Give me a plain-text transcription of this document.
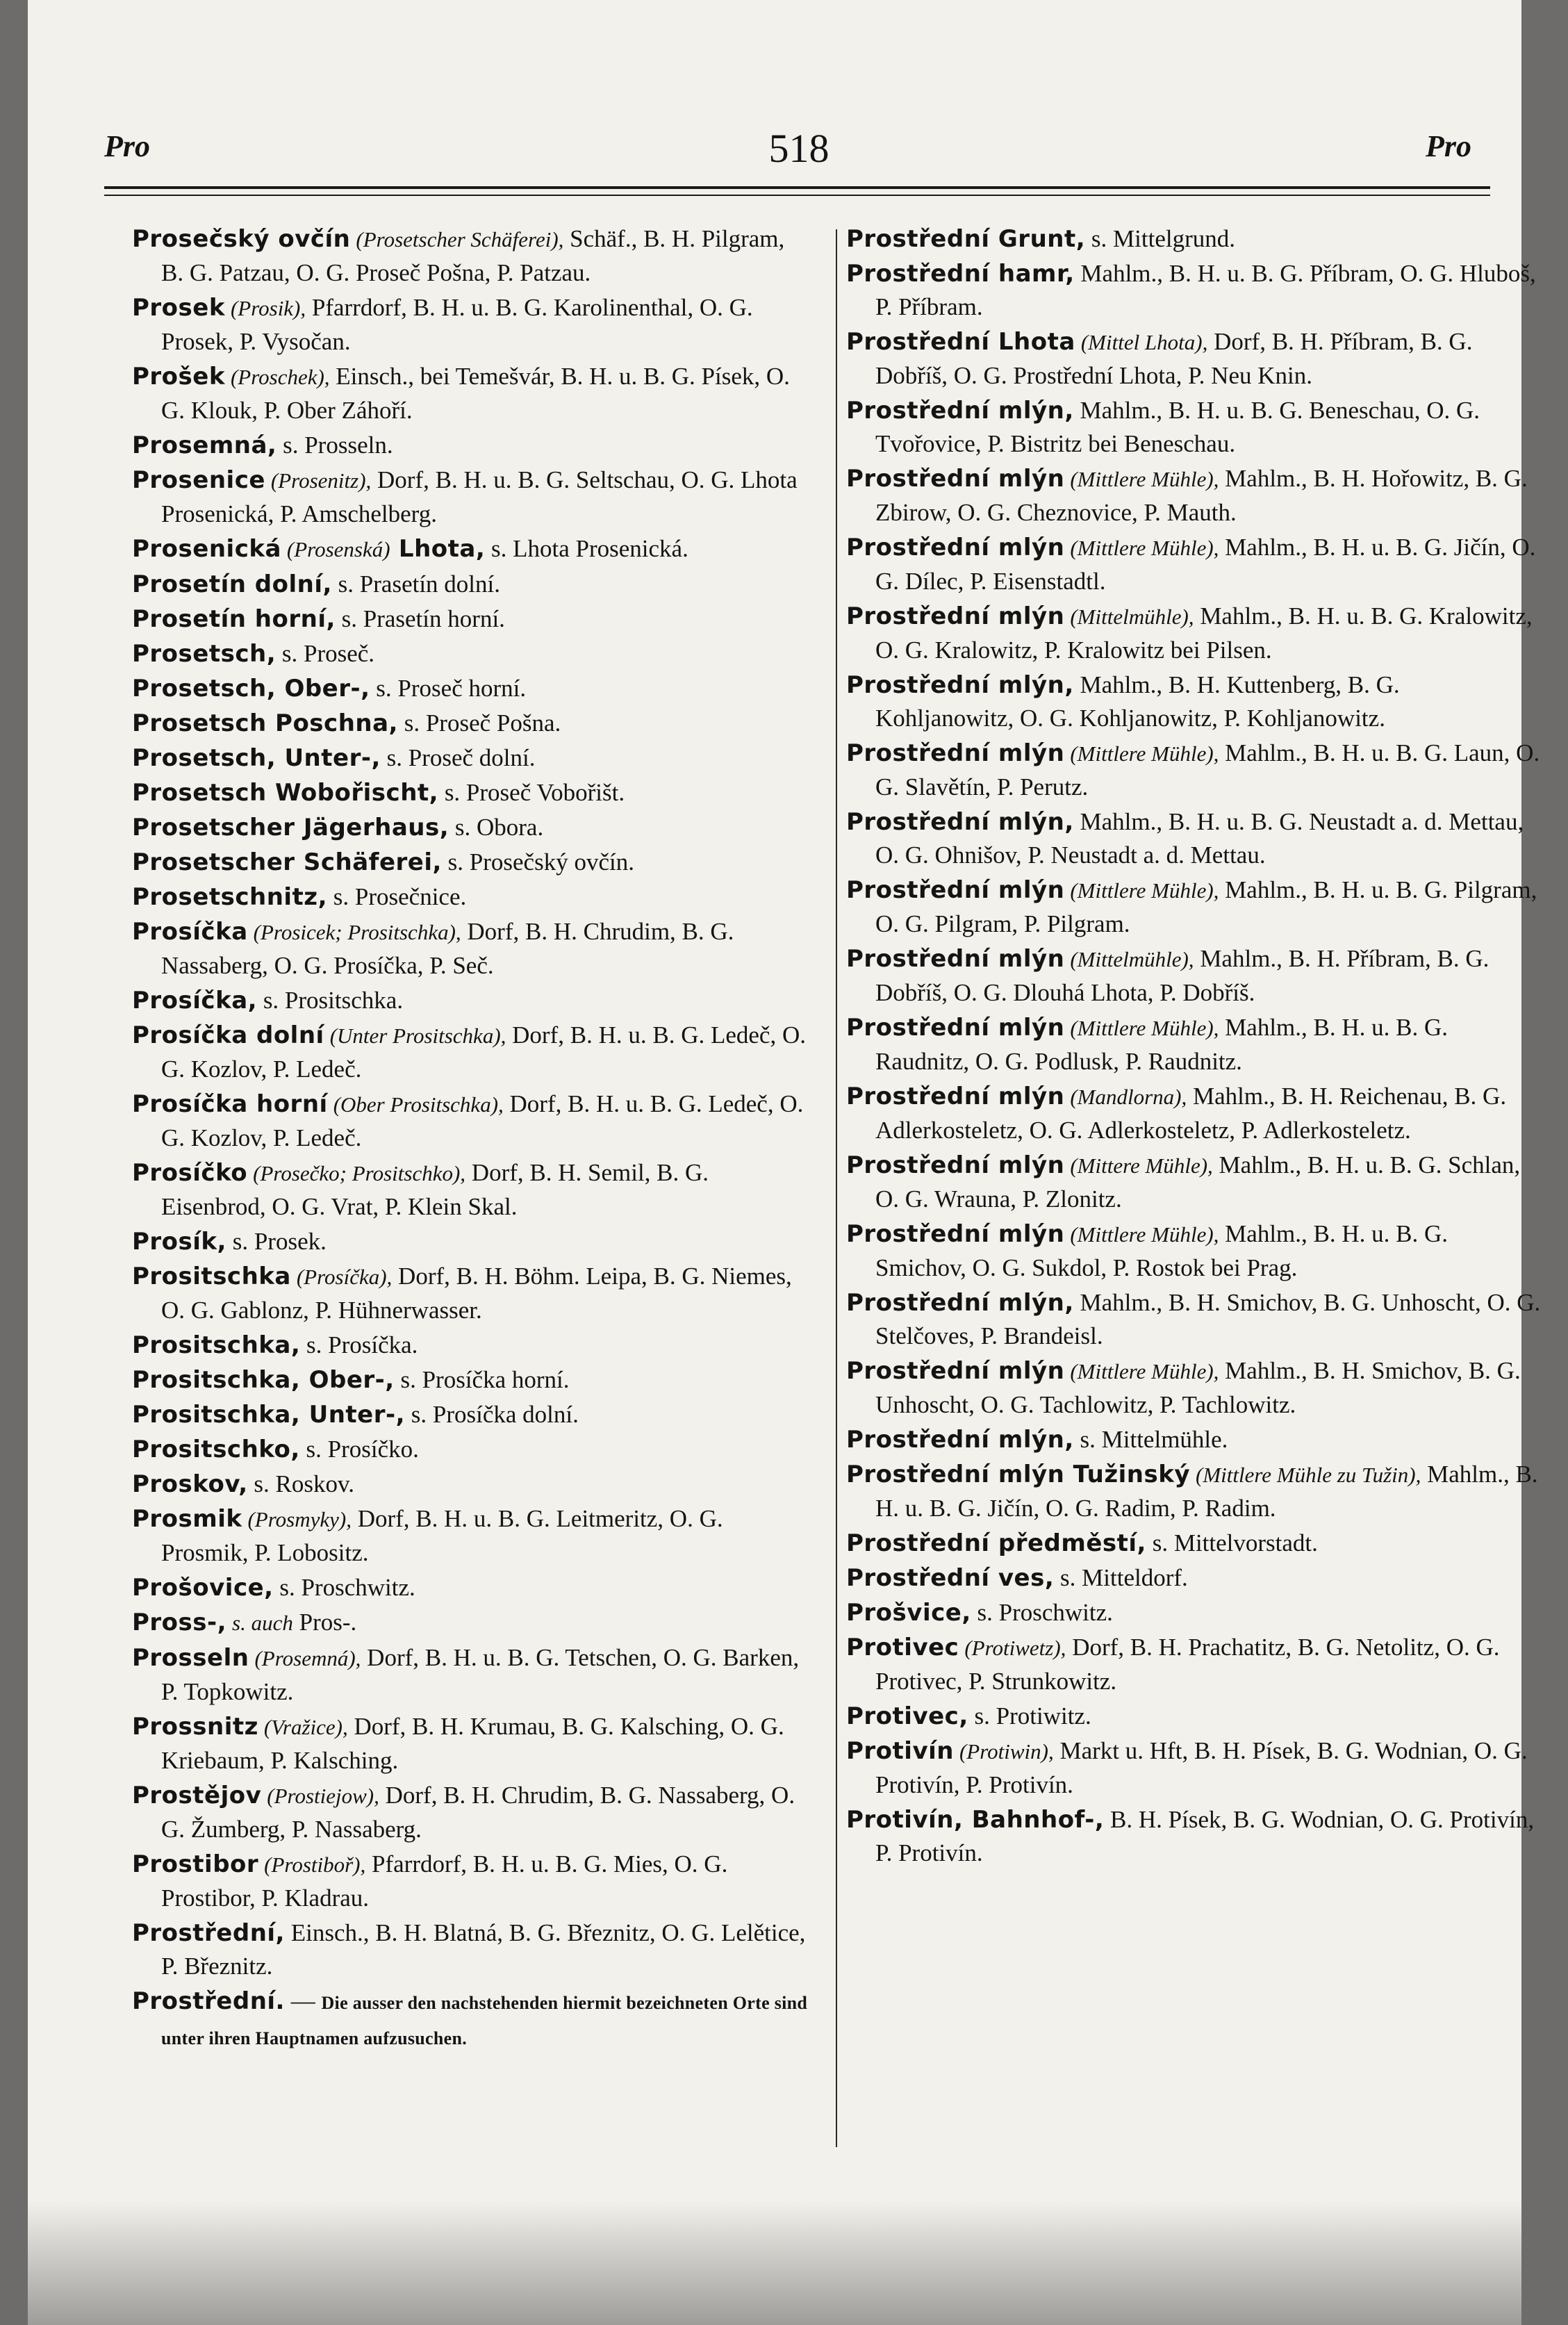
Pro	518	Pro

Prosečský ovčín (Prosetscher Schäferei), Schäf., B. H. Pilgram, B. G. Patzau, O. G. Proseč Pošna, P. Patzau.

Prosek (Prosik), Pfarrdorf, B. H. u. B. G. Karolinenthal, O. G. Prosek, P. Vysočan.

Prošek (Proschek), Einsch., bei Temešvár, B. H. u. B. G. Písek, O. G. Klouk, P. Ober Záhoří.

Prosemná, s. Prosseln.

Prosenice (Prosenitz), Dorf, B. H. u. B. G. Seltschau, O. G. Lhota Prosenická, P. Amschelberg.

Prosenická (Prosenská) Lhota, s. Lhota Prosenická.

Prosetín dolní, s. Prasetín dolní.

Prosetín horní, s. Prasetín horní.

Prosetsch, s. Proseč.

Prosetsch, Ober-, s. Proseč horní.

Prosetsch Poschna, s. Proseč Pošna.

Prosetsch, Unter-, s. Proseč dolní.

Prosetsch Wobořischt, s. Proseč Vobořišt.

Prosetscher Jägerhaus, s. Obora.

Prosetscher Schäferei, s. Prosečský ovčín.

Prosetschnitz, s. Prosečnice.

Prosíčka (Prosicek; Prositschka), Dorf, B. H. Chrudim, B. G. Nassaberg, O. G. Prosíčka, P. Seč.

Prosíčka, s. Prositschka.

Prosíčka dolní (Unter Prositschka), Dorf, B. H. u. B. G. Ledeč, O. G. Kozlov, P. Ledeč.

Prosíčka horní (Ober Prositschka), Dorf, B. H. u. B. G. Ledeč, O. G. Kozlov, P. Ledeč.

Prosíčko (Prosečko; Prositschko), Dorf, B. H. Semil, B. G. Eisenbrod, O. G. Vrat, P. Klein Skal.

Prosík, s. Prosek.

Prositschka (Prosíčka), Dorf, B. H. Böhm. Leipa, B. G. Niemes, O. G. Gablonz, P. Hühnerwasser.

Prositschka, s. Prosíčka.

Prositschka, Ober-, s. Prosíčka horní.

Prositschka, Unter-, s. Prosíčka dolní.

Prositschko, s. Prosíčko.

Proskov, s. Roskov.

Prosmik (Prosmyky), Dorf, B. H. u. B. G. Leitmeritz, O. G. Prosmik, P. Lobositz.

Prošovice, s. Proschwitz.

Pross-, s. auch Pros-.

Prosseln (Prosemná), Dorf, B. H. u. B. G. Tetschen, O. G. Barken, P. Topkowitz.

Prossnitz (Vražice), Dorf, B. H. Krumau, B. G. Kalsching, O. G. Kriebaum, P. Kalsching.

Prostějov (Prostiejow), Dorf, B. H. Chrudim, B. G. Nassaberg, O. G. Žumberg, P. Nassaberg.

Prostibor (Prostiboř), Pfarrdorf, B. H. u. B. G. Mies, O. G. Prostibor, P. Kladrau.

Prostřední, Einsch., B. H. Blatná, B. G. Březnitz, O. G. Lelětice, P. Březnitz.

Prostřední. — Die ausser den nachstehenden hiermit bezeichneten Orte sind unter ihren Hauptnamen aufzusuchen.

Prostřední Grunt, s. Mittelgrund.

Prostřední hamr, Mahlm., B. H. u. B. G. Příbram, O. G. Hluboš, P. Příbram.

Prostřední Lhota (Mittel Lhota), Dorf, B. H. Příbram, B. G. Dobříš, O. G. Prostřední Lhota, P. Neu Knin.

Prostřední mlýn, Mahlm., B. H. u. B. G. Beneschau, O. G. Tvořovice, P. Bistritz bei Beneschau.

Prostřední mlýn (Mittlere Mühle), Mahlm., B. H. Hořowitz, B. G. Zbirow, O. G. Cheznovice, P. Mauth.

Prostřední mlýn (Mittlere Mühle), Mahlm., B. H. u. B. G. Jičín, O. G. Dílec, P. Eisenstadtl.

Prostřední mlýn (Mittelmühle), Mahlm., B. H. u. B. G. Kralowitz, O. G. Kralowitz, P. Kralowitz bei Pilsen.

Prostřední mlýn, Mahlm., B. H. Kuttenberg, B. G. Kohljanowitz, O. G. Kohljanowitz, P. Kohljanowitz.

Prostřední mlýn (Mittlere Mühle), Mahlm., B. H. u. B. G. Laun, O. G. Slavětín, P. Perutz.

Prostřední mlýn, Mahlm., B. H. u. B. G. Neustadt a. d. Mettau, O. G. Ohnišov, P. Neustadt a. d. Mettau.

Prostřední mlýn (Mittlere Mühle), Mahlm., B. H. u. B. G. Pilgram, O. G. Pilgram, P. Pilgram.

Prostřední mlýn (Mittelmühle), Mahlm., B. H. Příbram, B. G. Dobříš, O. G. Dlouhá Lhota, P. Dobříš.

Prostřední mlýn (Mittlere Mühle), Mahlm., B. H. u. B. G. Raudnitz, O. G. Podlusk, P. Raudnitz.

Prostřední mlýn (Mandlorna), Mahlm., B. H. Reichenau, B. G. Adlerkosteletz, O. G. Adlerkosteletz, P. Adlerkosteletz.

Prostřední mlýn (Mittere Mühle), Mahlm., B. H. u. B. G. Schlan, O. G. Wrauna, P. Zlonitz.

Prostřední mlýn (Mittlere Mühle), Mahlm., B. H. u. B. G. Smichov, O. G. Sukdol, P. Rostok bei Prag.

Prostřední mlýn, Mahlm., B. H. Smichov, B. G. Unhoscht, O. G. Stelčoves, P. Brandeisl.

Prostřední mlýn (Mittlere Mühle), Mahlm., B. H. Smichov, B. G. Unhoscht, O. G. Tachlowitz, P. Tachlowitz.

Prostřední mlýn, s. Mittelmühle.

Prostřední mlýn Tužinský (Mittlere Mühle zu Tužin), Mahlm., B. H. u. B. G. Jičín, O. G. Radim, P. Radim.

Prostřední předměstí, s. Mittelvorstadt.

Prostřední ves, s. Mitteldorf.

Prošvice, s. Proschwitz.

Protivec (Protiwetz), Dorf, B. H. Prachatitz, B. G. Netolitz, O. G. Protivec, P. Strunkowitz.

Protivec, s. Protiwitz.

Protivín (Protiwin), Markt u. Hft, B. H. Písek, B. G. Wodnian, O. G. Protivín, P. Protivín.

Protivín, Bahnhof-, B. H. Písek, B. G. Wodnian, O. G. Protivín, P. Protivín.
